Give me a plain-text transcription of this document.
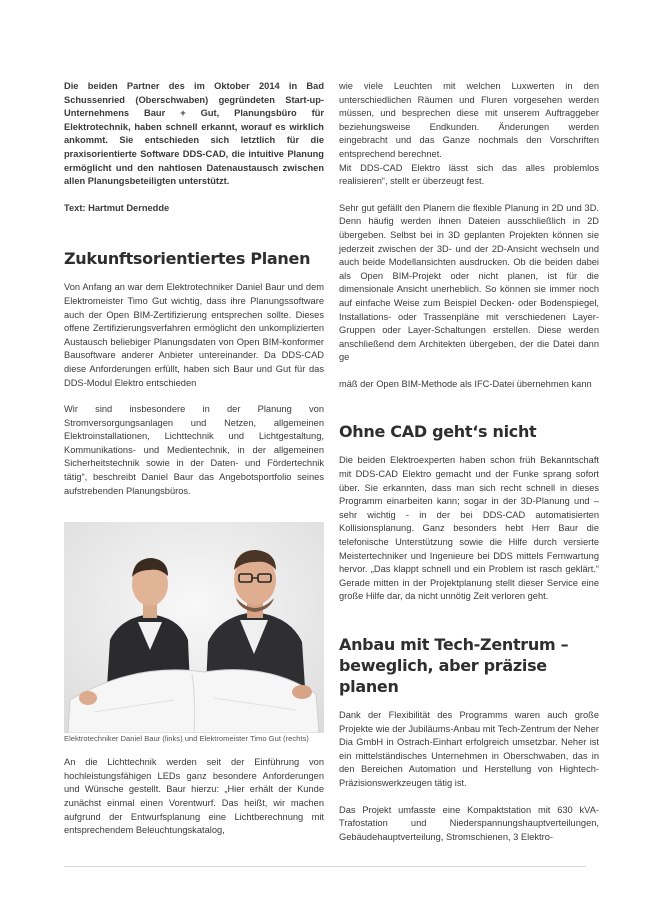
Die beiden Partner des im Oktober 2014 in Bad Schussenried (Oberschwaben) gegründeten Start-up-Unternehmens Baur + Gut, Planungsbüro für Elektrotechnik, haben schnell erkannt, worauf es wirklich ankommt. Sie entschieden sich letztlich für die praxisorientierte Software DDS-CAD, die intuitive Planung ermöglicht und den nahtlosen Datenaustausch zwischen allen Planungsbeteiligten unterstützt.

Text: Hartmut Dernedde

Zukunftsorientiertes Planen

Von Anfang an war dem Elektrotechniker Daniel Baur und dem Elektromeister Timo Gut wichtig, dass ihre Planungssoftware auch der Open BIM-Zertifizierung entsprechen sollte. Dieses offene Zertifizierungsverfahren ermöglicht den unkomplizierten Austausch beliebiger Planungsdaten von Open BIM-konformer Bausoftware anderer Anbieter untereinander. Da DDS-CAD diese Anforderungen erfüllt, haben sich Baur und Gut für das DDS-Modul Elektro entschieden

Wir sind insbesondere in der Planung von Stromversorgungsanlagen und Netzen, allgemeinen Elektroinstallationen, Lichttechnik und Lichtgestaltung, Kommunikations- und Medientechnik, in der allgemeinen Sicherheitstechnik sowie in der Daten- und Fördertechnik tätig“, beschreibt Daniel Baur das Angebotsportfolio seines aufstrebenden Planungsbüros.

Elektrotechniker Daniel Baur (links) und Elektromeister Timo Gut (rechts)

An die Lichttechnik werden seit der Einführung von hochleistungsfähigen LEDs ganz besondere Anforderungen und Wünsche gestellt. Baur hierzu: „Hier erhält der Kunde zunächst einmal einen Vorentwurf. Das heißt, wir machen aufgrund der Entwurfsplanung eine Lichtberechnung mit entsprechendem Beleuchtungskatalog,

wie viele Leuchten mit welchen Luxwerten in den unterschiedlichen Räumen und Fluren vorgesehen werden müssen, und besprechen diese mit unserem Auftraggeber beziehungsweise Endkunden. Änderungen werden eingebracht und das Ganze nochmals den Vorschriften entsprechend berechnet.

Mit DDS-CAD Elektro lässt sich das alles problemlos realisieren“, stellt er überzeugt fest.

Sehr gut gefällt den Planern die flexible Planung in 2D und 3D. Denn häufig werden ihnen Dateien ausschließlich in 2D übergeben. Selbst bei in 3D geplanten Projekten können sie jederzeit zwischen der 3D- und der 2D-Ansicht wechseln und auch beide Modellansichten ausdrucken. Ob die beiden dabei als Open BIM-Projekt oder nicht planen, ist für die dimensionale Ansicht unerheblich. So können sie immer noch auf einfache Weise zum Beispiel Decken- oder Bodenspiegel, Installations- oder Trassenpläne mit verschiedenen Layer-Gruppen oder Layer-Schaltungen erstellen. Diese werden anschließend dem Architekten übergeben, der die Datei dann ge

mäß der Open BIM-Methode als IFC-Datei übernehmen kann

Ohne CAD geht‘s nicht

Die beiden Elektroexperten haben schon früh Bekanntschaft mit DDS-CAD Elektro gemacht und der Funke sprang sofort über. Sie erkannten, dass man sich recht schnell in dieses Programm einarbeiten kann; sogar in der 3D-Planung und – sehr wichtig - in der bei DDS-CAD automatisierten Kollisionsplanung. Ganz besonders hebt Herr Baur die telefonische Unterstützung sowie die Hilfe durch versierte Meistertechniker und Ingenieure bei DDS mittels Fernwartung hervor. „Das klappt schnell und ein Problem ist rasch geklärt.“ Gerade mitten in der Projektplanung stellt dieser Service eine große Hilfe dar, da nicht unnötig Zeit verloren geht.

Anbau mit Tech-Zentrum –
beweglich, aber präzise planen

Dank der Flexibilität des Programms waren auch große Projekte wie der Jubiläums-Anbau mit Tech-Zentrum der Neher Dia GmbH in Ostrach-Einhart erfolgreich umsetzbar. Neher ist ein mittelständisches Unternehmen in Oberschwaben, das in den Bereichen Automation und Herstellung von Hightech-Präzisionswerkzeugen tätig ist.

Das Projekt umfasste eine Kompaktstation mit 630 kVA-Trafostation und Niederspannungshauptverteilungen, Gebäudehauptverteilung, Stromschienen, 3 Elektro-
